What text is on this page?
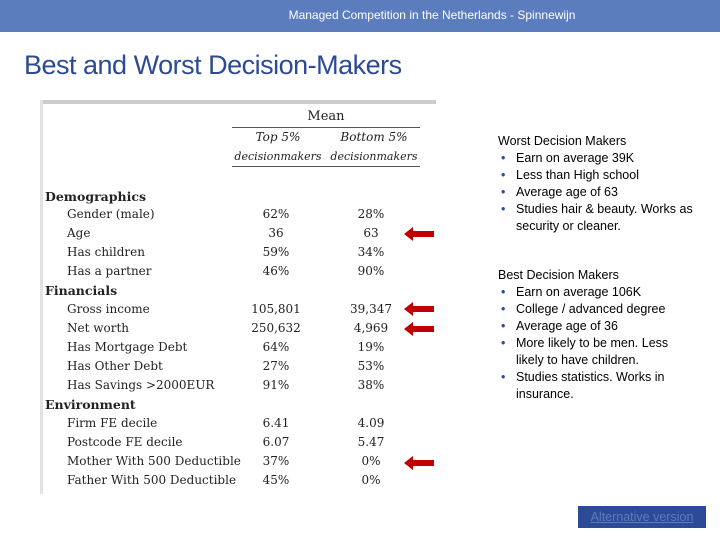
Managed Competition in the Netherlands - Spinnewijn
Best and Worst Decision-Makers
Mean
Top 5%	Bottom 5%
decisionmakers decisionmakers
Demographics
Gender (male)	62%	28%
Age	36	63
Has children	59%	34%
Has a partner	46%	90%
Financials
Gross income	105,801	39,347
Net worth	250,632	4,969
Has Mortgage Debt	64%	19%
Has Other Debt	27%	53%
Has Savings >2000EUR	91%	38%
Environment
Firm FE decile	6.41	4.09
Postcode FE decile	6.07	5.47
Mother With 500 Deductible	37%	0%
Father With 500 Deductible	45%	0%
Worst Decision Makers
• Earn on average 39K
• Less than High school
• Average age of 63
• Studies hair & beauty. Works as security or cleaner.
Best Decision Makers
• Earn on average 106K
• College / advanced degree
• Average age of 36
• More likely to be men. Less likely to have children.
• Studies statistics. Works in insurance.
Alternative version
